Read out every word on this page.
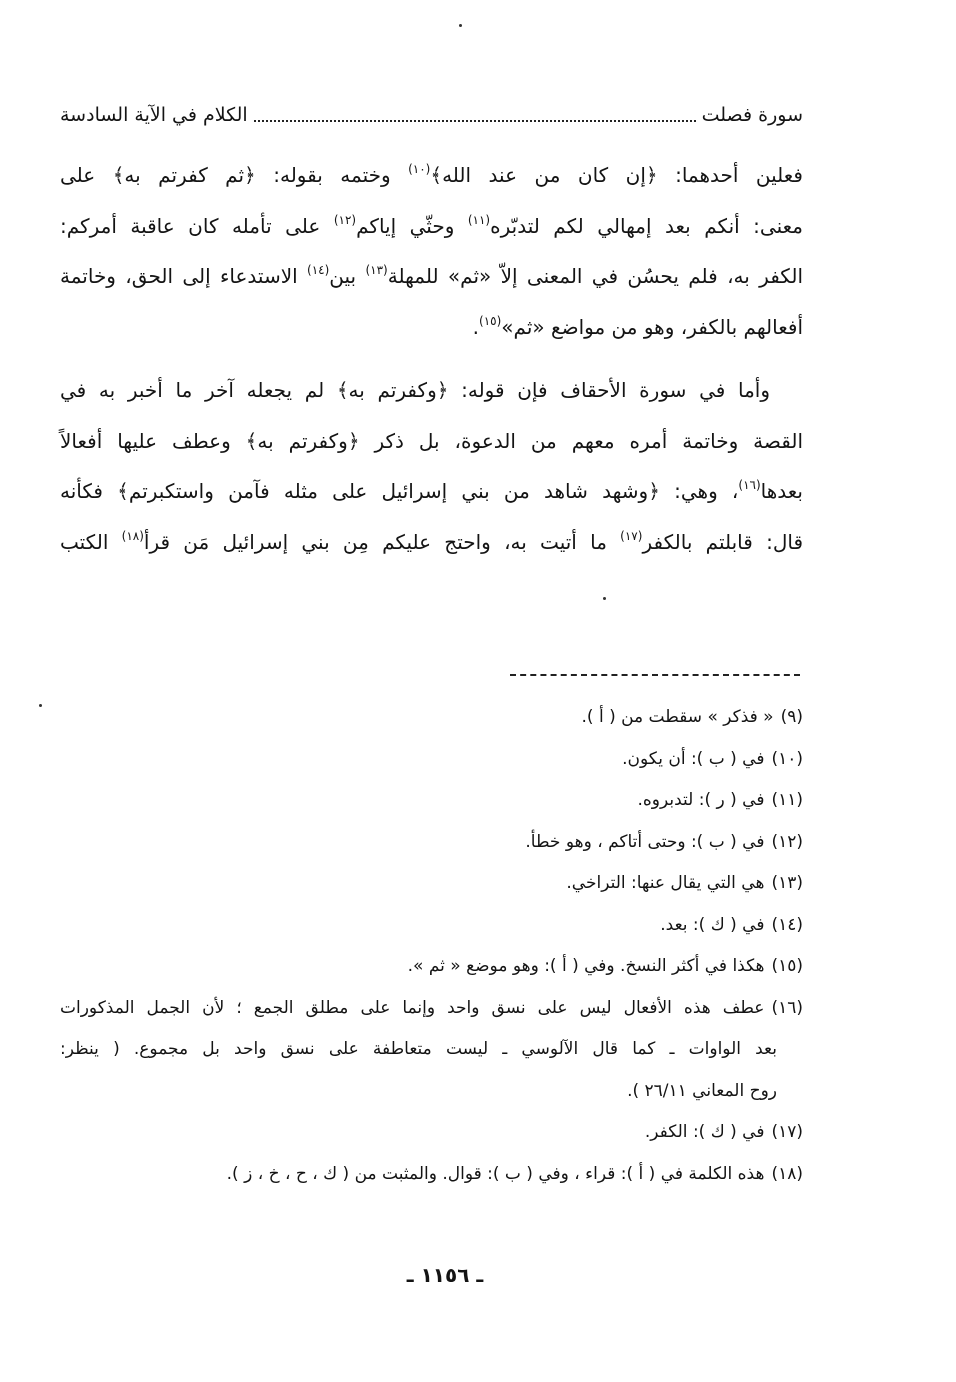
سورة فصلت
الكلام في الآية السادسة
فعلين أحدهما: ﴿إن كان من عند الله﴾$^{(١٠)}$ وختمه بقوله: ﴿ثم كفرتم به﴾ على
معنى: أنكم بعد إمهالي لكم لتدبّره$^{(١١)}$ وحثّي إياكم$^{(١٢)}$ على تأمله كان عاقبة أمركم:
الكفر به، فلم يحسُن في المعنى إلاّ «ثم» للمهلة$^{(١٣)}$ بين$^{(١٤)}$ الاستدعاء إلى الحق، وخاتمة
أفعالهم بالكفر، وهو من مواضع «ثم»$^{(١٥)}$.
وأما في سورة الأحقاف فإن قوله: ﴿وكفرتم به﴾ لم يجعله آخر ما أخبر به في
القصة وخاتمة أمره معهم من الدعوة، بل ذكر ﴿وكفرتم به﴾ وعطف عليها أفعالاً
بعدها$^{(١٦)}$، وهي: ﴿وشهد شاهد من بني إسرائيل على مثله فآمن واستكبرتم﴾ فكأنه
قال: قابلتم بالكفر$^{(١٧)}$ ما أتيت به، واحتج عليكم مِن بني إسرائيل مَن قرأ$^{(١٨)}$ الكتب
(٩)« فذكر » سقطت من ( أ ).
(١٠)في ( ب ): أن يكون.
(١١)في ( ر ): لتدبروه.
(١٢)في ( ب ): وحتى أتاكم ، وهو خطأ.
(١٣)هي التي يقال عنها: التراخي.
(١٤)في ( ك ): بعد.
(١٥)هكذا في أكثر النسخ. وفي ( أ ): وهو موضع « ثم ».
(١٦)عطف هذه الأفعال ليس على نسق واحد وإنما على مطلق الجمع ؛ لأن الجمل المذكورات
بعد الواوات ـ كما قال الآلوسي ـ ليست متعاطفة على نسق واحد بل مجموع. ( ينظر:
روح المعاني ٢٦/١١ ).
(١٧)في ( ك ): الكفر.
(١٨)هذه الكلمة في ( أ ): قراء ، وفي ( ب ): قوال. والمثبت من ( ك ، ح ، خ ، ز ).
ـ ١١٥٦ ـ
